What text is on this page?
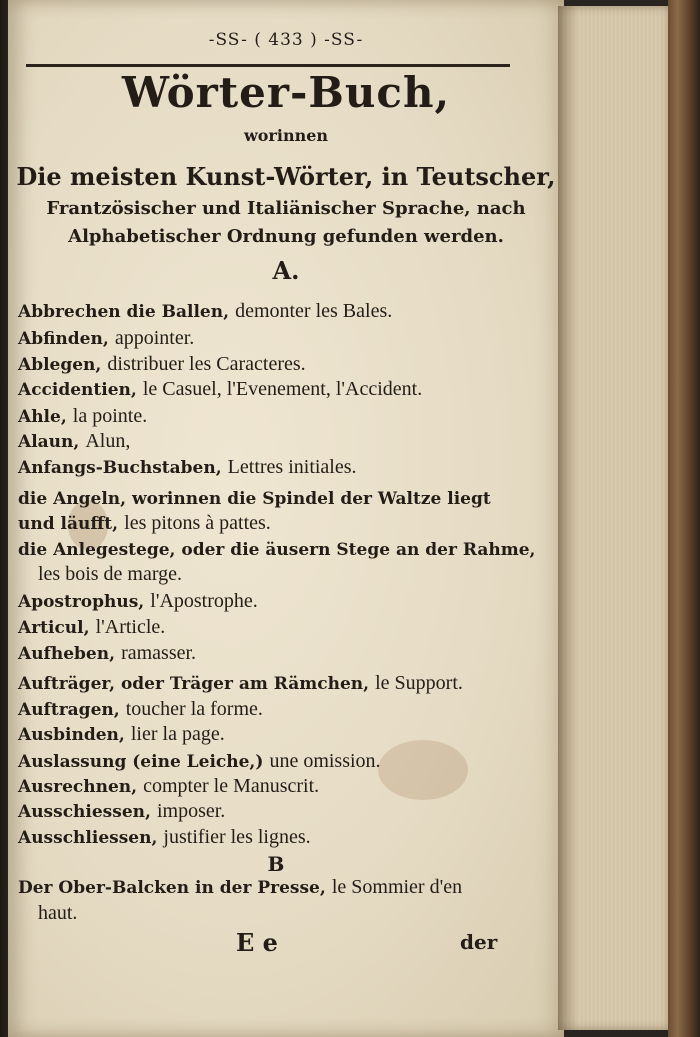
-SS- ( 433 ) -SS-
Wörter-Buch,
worinnen
Die meisten Kunst-Wörter, in Teutscher,
Frantzösischer und Italiänischer Sprache, nach
Alphabetischer Ordnung gefunden werden.
A.
Abbrechen die Ballen, demonter les Bales.
Abfinden, appointer.
Ablegen, distribuer les Caracteres.
Accidentien, le Casuel, l'Evenement, l'Accident.
Ahle, la pointe.
Alaun, Alun,
Anfangs-Buchstaben, Lettres initiales.
die Angeln, worinnen die Spindel der Waltze liegt
und läufft, les pitons à pattes.
die Anlegestege, oder die äusern Stege an der Rahme,
les bois de marge.
Apostrophus, l'Apostrophe.
Articul, l'Article.
Aufheben, ramasser.
Aufträger, oder Träger am Rämchen, le Support.
Auftragen, toucher la forme.
Ausbinden, lier la page.
Auslassung (eine Leiche,) une omission.
Ausrechnen, compter le Manuscrit.
Ausschiessen, imposer.
Ausschliessen, justifier les lignes.
Der Ober-Balcken in der Presse, le Sommier d'en
haut.
B
E e	der
